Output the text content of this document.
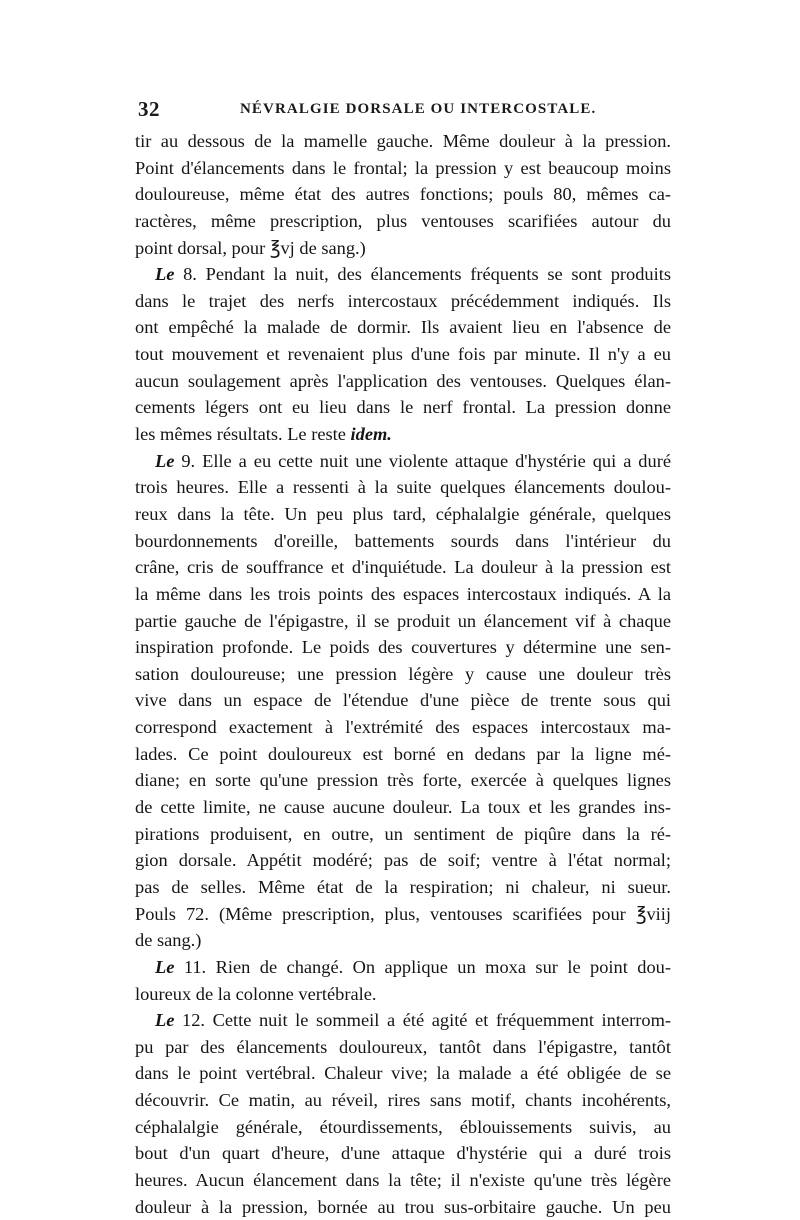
32	NÉVRALGIE DORSALE OU INTERCOSTALE.
tir au dessous de la mamelle gauche. Même douleur à la pression.
Point d'élancements dans le frontal; la pression y est beaucoup moins
douloureuse, même état des autres fonctions; pouls 80, mêmes ca-
ractères, même prescription, plus ventouses scarifiées autour du
point dorsal, pour ℥vj de sang.)
Le 8. Pendant la nuit, des élancements fréquents se sont produits
dans le trajet des nerfs intercostaux précédemment indiqués. Ils
ont empêché la malade de dormir. Ils avaient lieu en l'absence de
tout mouvement et revenaient plus d'une fois par minute. Il n'y a eu
aucun soulagement après l'application des ventouses. Quelques élan-
cements légers ont eu lieu dans le nerf frontal. La pression donne
les mêmes résultats. Le reste idem.
Le 9. Elle a eu cette nuit une violente attaque d'hystérie qui a duré
trois heures. Elle a ressenti à la suite quelques élancements doulou-
reux dans la tête. Un peu plus tard, céphalalgie générale, quelques
bourdonnements d'oreille, battements sourds dans l'intérieur du
crâne, cris de souffrance et d'inquiétude. La douleur à la pression est
la même dans les trois points des espaces intercostaux indiqués. A la
partie gauche de l'épigastre, il se produit un élancement vif à chaque
inspiration profonde. Le poids des couvertures y détermine une sen-
sation douloureuse; une pression légère y cause une douleur très
vive dans un espace de l'étendue d'une pièce de trente sous qui
correspond exactement à l'extrémité des espaces intercostaux ma-
lades. Ce point douloureux est borné en dedans par la ligne mé-
diane; en sorte qu'une pression très forte, exercée à quelques lignes
de cette limite, ne cause aucune douleur. La toux et les grandes ins-
pirations produisent, en outre, un sentiment de piqûre dans la ré-
gion dorsale. Appétit modéré; pas de soif; ventre à l'état normal;
pas de selles. Même état de la respiration; ni chaleur, ni sueur.
Pouls 72. (Même prescription, plus, ventouses scarifiées pour ℥viij
de sang.)
Le 11. Rien de changé. On applique un moxa sur le point dou-
loureux de la colonne vertébrale.
Le 12. Cette nuit le sommeil a été agité et fréquemment interrom-
pu par des élancements douloureux, tantôt dans l'épigastre, tantôt
dans le point vertébral. Chaleur vive; la malade a été obligée de se
découvrir. Ce matin, au réveil, rires sans motif, chants incohérents,
céphalalgie générale, étourdissements, éblouissements suivis, au
bout d'un quart d'heure, d'une attaque d'hystérie qui a duré trois
heures. Aucun élancement dans la tête; il n'existe qu'une très légère
douleur à la pression, bornée au trou sus-orbitaire gauche. Un peu
